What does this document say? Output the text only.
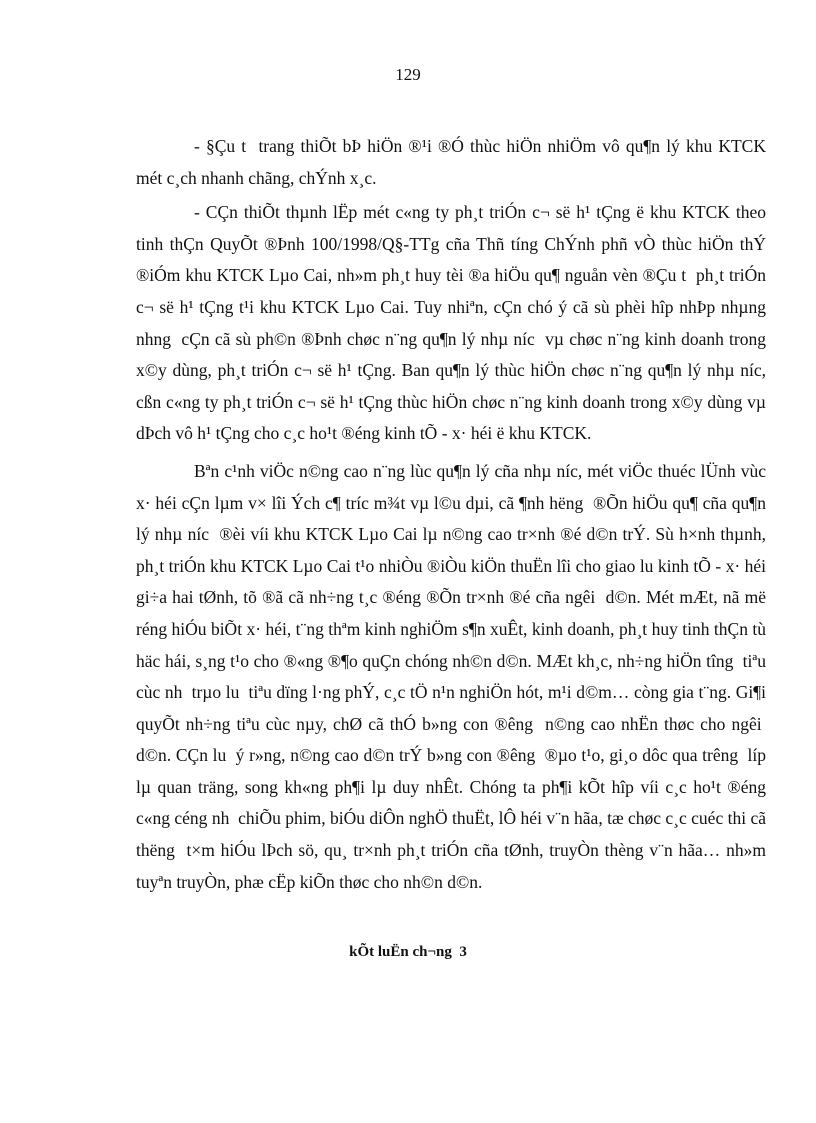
129

- §Çu t  trang thiÕt bÞ hiÖn ®¹i ®Ó thùc hiÖn nhiÖm vô qu¶n lý khu KTCK mét c¸ch nhanh chãng, chÝnh x¸c.

- CÇn thiÕt thµnh lËp mét c«ng ty ph¸t triÓn c¬ së h¹ tÇng ë khu KTCK theo tinh thÇn QuyÕt ®Þnh 100/1998/Q§-TTg cña Thñ tíng ChÝnh phñ vÒ thùc hiÖn thÝ ®iÓm khu KTCK Lµo Cai, nh»m ph¸t huy tèi ®a hiÖu qu¶ nguån vèn ®Çu t  ph¸t triÓn c¬ së h¹ tÇng t¹i khu KTCK Lµo Cai. Tuy nhiªn, cÇn chó ý cã sù phèi hîp nhÞp nhµng nhng  cÇn cã sù ph©n ®Þnh chøc n¨ng qu¶n lý nhµ níc  vµ chøc n¨ng kinh doanh trong x©y dùng, ph¸t triÓn c¬ së h¹ tÇng. Ban qu¶n lý thùc hiÖn chøc n¨ng qu¶n lý nhµ níc, cßn c«ng ty ph¸t triÓn c¬ së h¹ tÇng thùc hiÖn chøc n¨ng kinh doanh trong x©y dùng vµ dÞch vô h¹ tÇng cho c¸c ho¹t ®éng kinh tÕ - x· héi ë khu KTCK.

Bªn c¹nh viÖc n©ng cao n¨ng lùc qu¶n lý cña nhµ níc, mét viÖc thuéc lÜnh vùc x· héi cÇn lµm v× lîi Ých c¶ tríc m¾t vµ l©u dµi, cã ¶nh hëng  ®Õn hiÖu qu¶ cña qu¶n lý nhµ níc  ®èi víi khu KTCK Lµo Cai lµ n©ng cao tr×nh ®é d©n trÝ. Sù h×nh thµnh, ph¸t triÓn khu KTCK Lµo Cai t¹o nhiÒu ®iÒu kiÖn thuËn lîi cho giao lu kinh tÕ - x· héi gi÷a hai tØnh, tõ ®ã cã nh÷ng t¸c ®éng ®Õn tr×nh ®é cña ngêi  d©n. Mét mÆt, nã më réng hiÓu biÕt x· héi, t¨ng thªm kinh nghiÖm s¶n xuÊt, kinh doanh, ph¸t huy tinh thÇn tù häc hái, s¸ng t¹o cho ®«ng ®¶o quÇn chóng nh©n d©n. MÆt kh¸c, nh÷ng hiÖn tîng  tiªu cùc nh  trµo lu  tiªu dïng l·ng phÝ, c¸c tÖ n¹n nghiÖn hót, m¹i d©m… còng gia t¨ng. Gi¶i quyÕt nh÷ng tiªu cùc nµy, chØ cã thÓ b»ng con ®êng  n©ng cao nhËn thøc cho ngêi  d©n. CÇn lu  ý r»ng, n©ng cao d©n trÝ b»ng con ®êng  ®µo t¹o, gi¸o dôc qua trêng  líp lµ quan träng, song kh«ng ph¶i lµ duy nhÊt. Chóng ta ph¶i kÕt hîp víi c¸c ho¹t ®éng c«ng céng nh  chiÕu phim, biÓu diÔn nghÖ thuËt, lÔ héi v¨n hãa, tæ chøc c¸c cuéc thi cã thëng  t×m hiÓu lÞch sö, qu¸ tr×nh ph¸t triÓn cña tØnh, truyÒn thèng v¨n hãa… nh»m tuyªn truyÒn, phæ cËp kiÕn thøc cho nh©n d©n.

kÕt luËn ch¬ng  3
